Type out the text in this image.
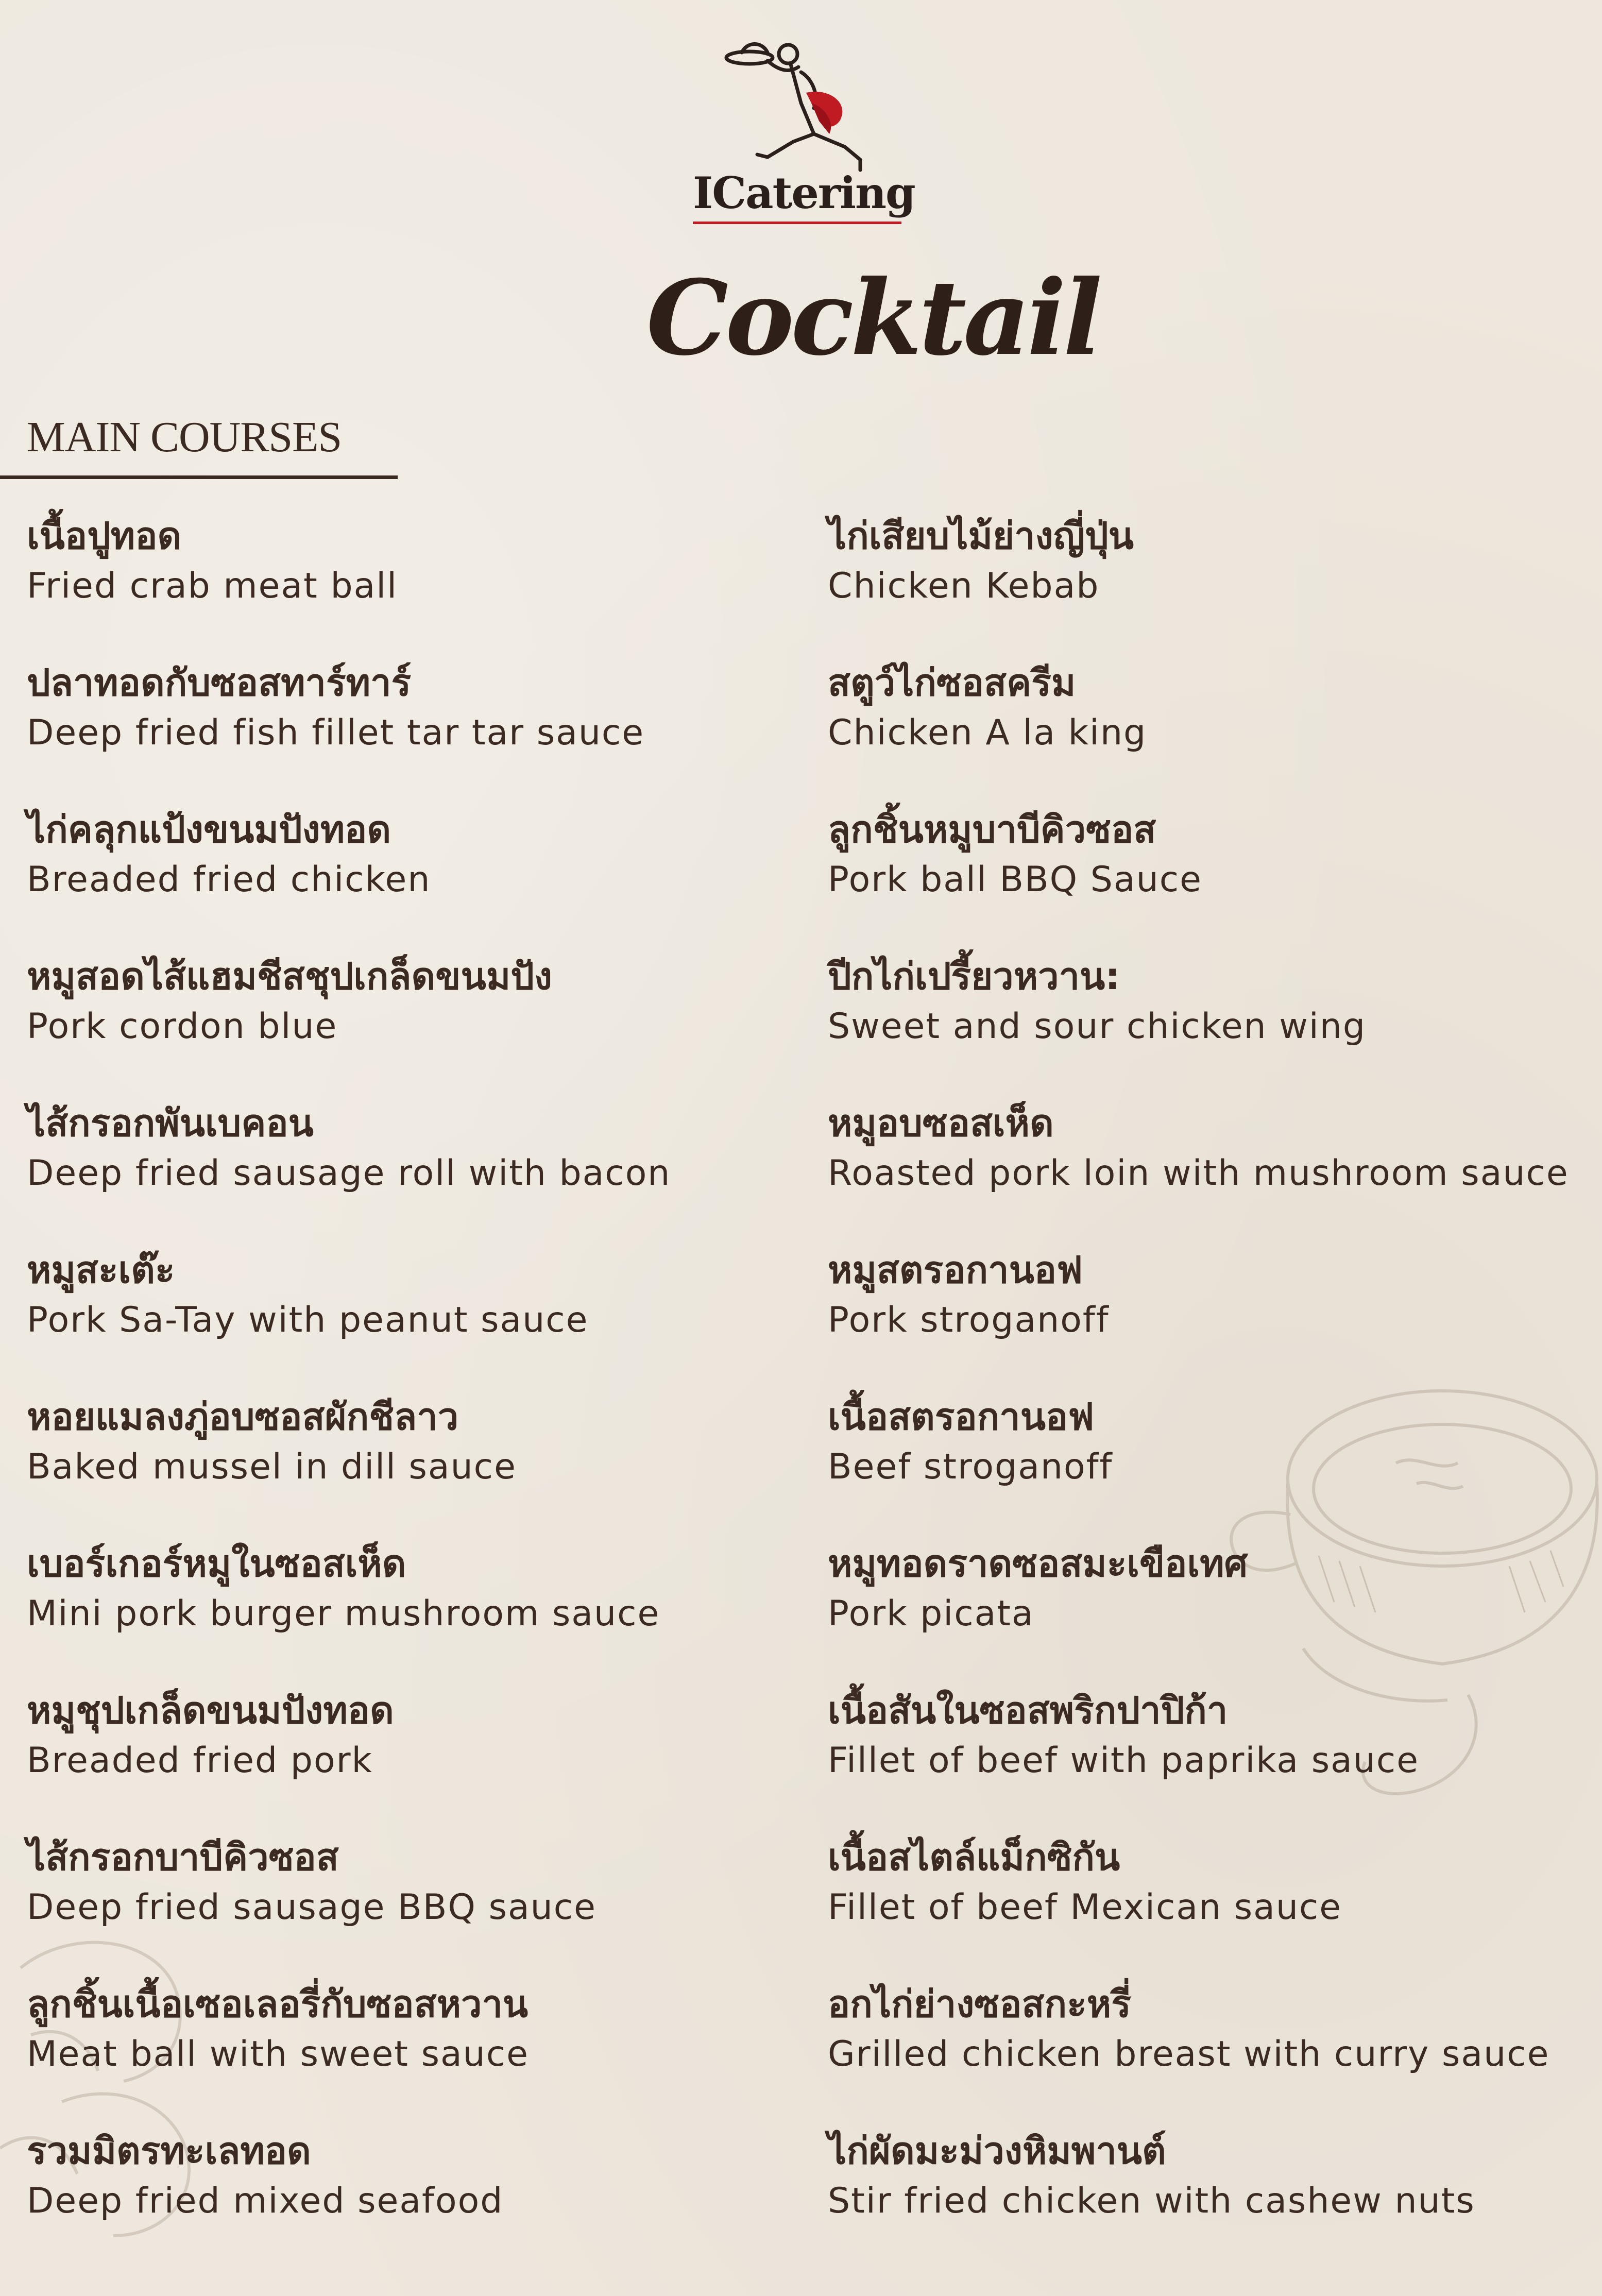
ICatering
Cocktail
MAIN COURSES
เนื้อปูทอด
Fried crab meat ball
ปลาทอดกับซอสทาร์ทาร์
Deep fried fish fillet tar tar sauce
ไก่คลุกแป้งขนมปังทอด
Breaded fried chicken
หมูสอดไส้แฮมชีสชุปเกล็ดขนมปัง
Pork cordon blue
ไส้กรอกพันเบคอน
Deep fried sausage roll with bacon
หมูสะเต๊ะ
Pork Sa-Tay with peanut sauce
หอยแมลงภู่อบซอสผักชีลาว
Baked mussel in dill sauce
เบอร์เกอร์หมูในซอสเห็ด
Mini pork burger mushroom sauce
หมูชุปเกล็ดขนมปังทอด
Breaded fried pork
ไส้กรอกบาบีคิวซอส
Deep fried sausage BBQ sauce
ลูกชิ้นเนื้อเซอเลอรี่กับซอสหวาน
Meat ball with sweet sauce
รวมมิตรทะเลทอด
Deep fried mixed seafood
ไก่เสียบไม้ย่างญี่ปุ่น
Chicken Kebab
สตูว์ไก่ซอสครีม
Chicken A la king
ลูกชิ้นหมูบาบีคิวซอส
Pork ball BBQ Sauce
ปีกไก่เปรี้ยวหวาน:
Sweet and sour chicken wing
หมูอบซอสเห็ด
Roasted pork loin with mushroom sauce
หมูสตรอกานอฟ
Pork stroganoff
เนื้อสตรอกานอฟ
Beef stroganoff
หมูทอดราดซอสมะเขือเทศ
Pork picata
เนื้อสันในซอสพริกปาปิก้า
Fillet of beef with paprika sauce
เนื้อสไตล์แม็กซิกัน
Fillet of beef Mexican sauce
อกไก่ย่างซอสกะหรี่
Grilled chicken breast with curry sauce
ไก่ผัดมะม่วงหิมพานต์
Stir fried chicken with cashew nuts
